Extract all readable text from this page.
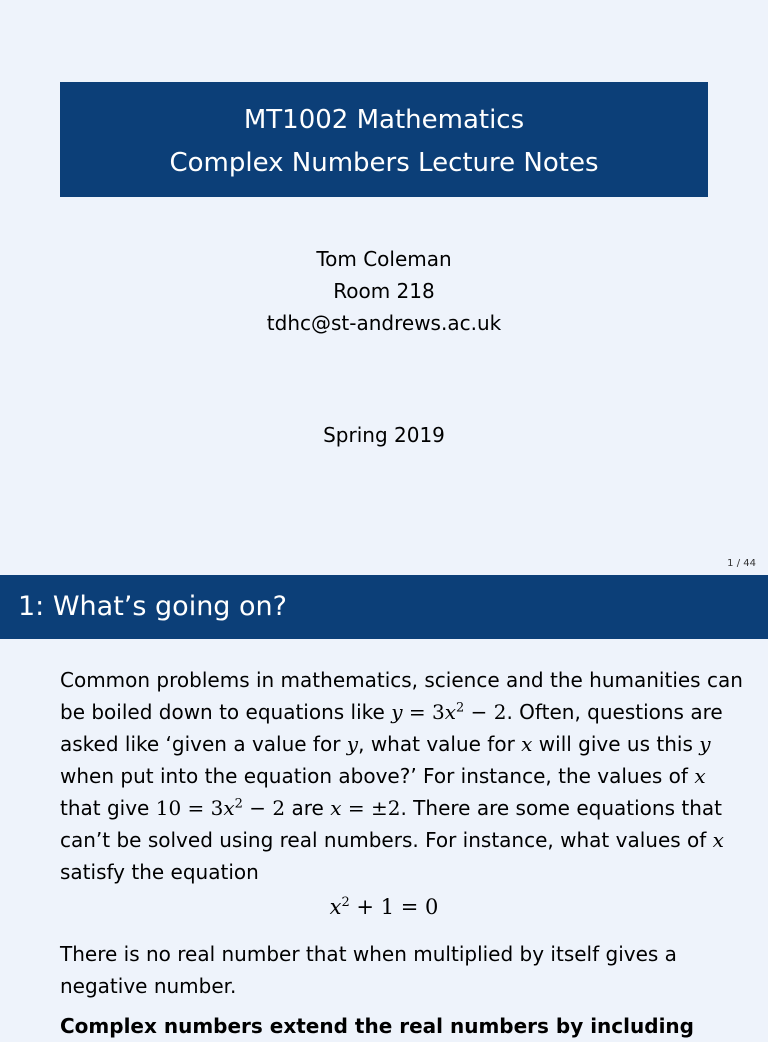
MT1002 Mathematics
Complex Numbers Lecture Notes
Tom Coleman
Room 218
tdhc@st-andrews.ac.uk
Spring 2019
1 / 44
1: What’s going on?
Common problems in mathematics, science and the humanities can
be boiled down to equations like $y = 3x^2 - 2$. Often, questions are
asked like ‘given a value for y, what value for x will give us this y
when put into the equation above?’ For instance, the values of x
that give $10 = 3x^2 - 2$ are x = ±2. There are some equations that
can’t be solved using real numbers. For instance, what values of x
satisfy the equation
$x^2 + 1 = 0$
There is no real number that when multiplied by itself gives a
negative number.
Complex numbers extend the real numbers by including
